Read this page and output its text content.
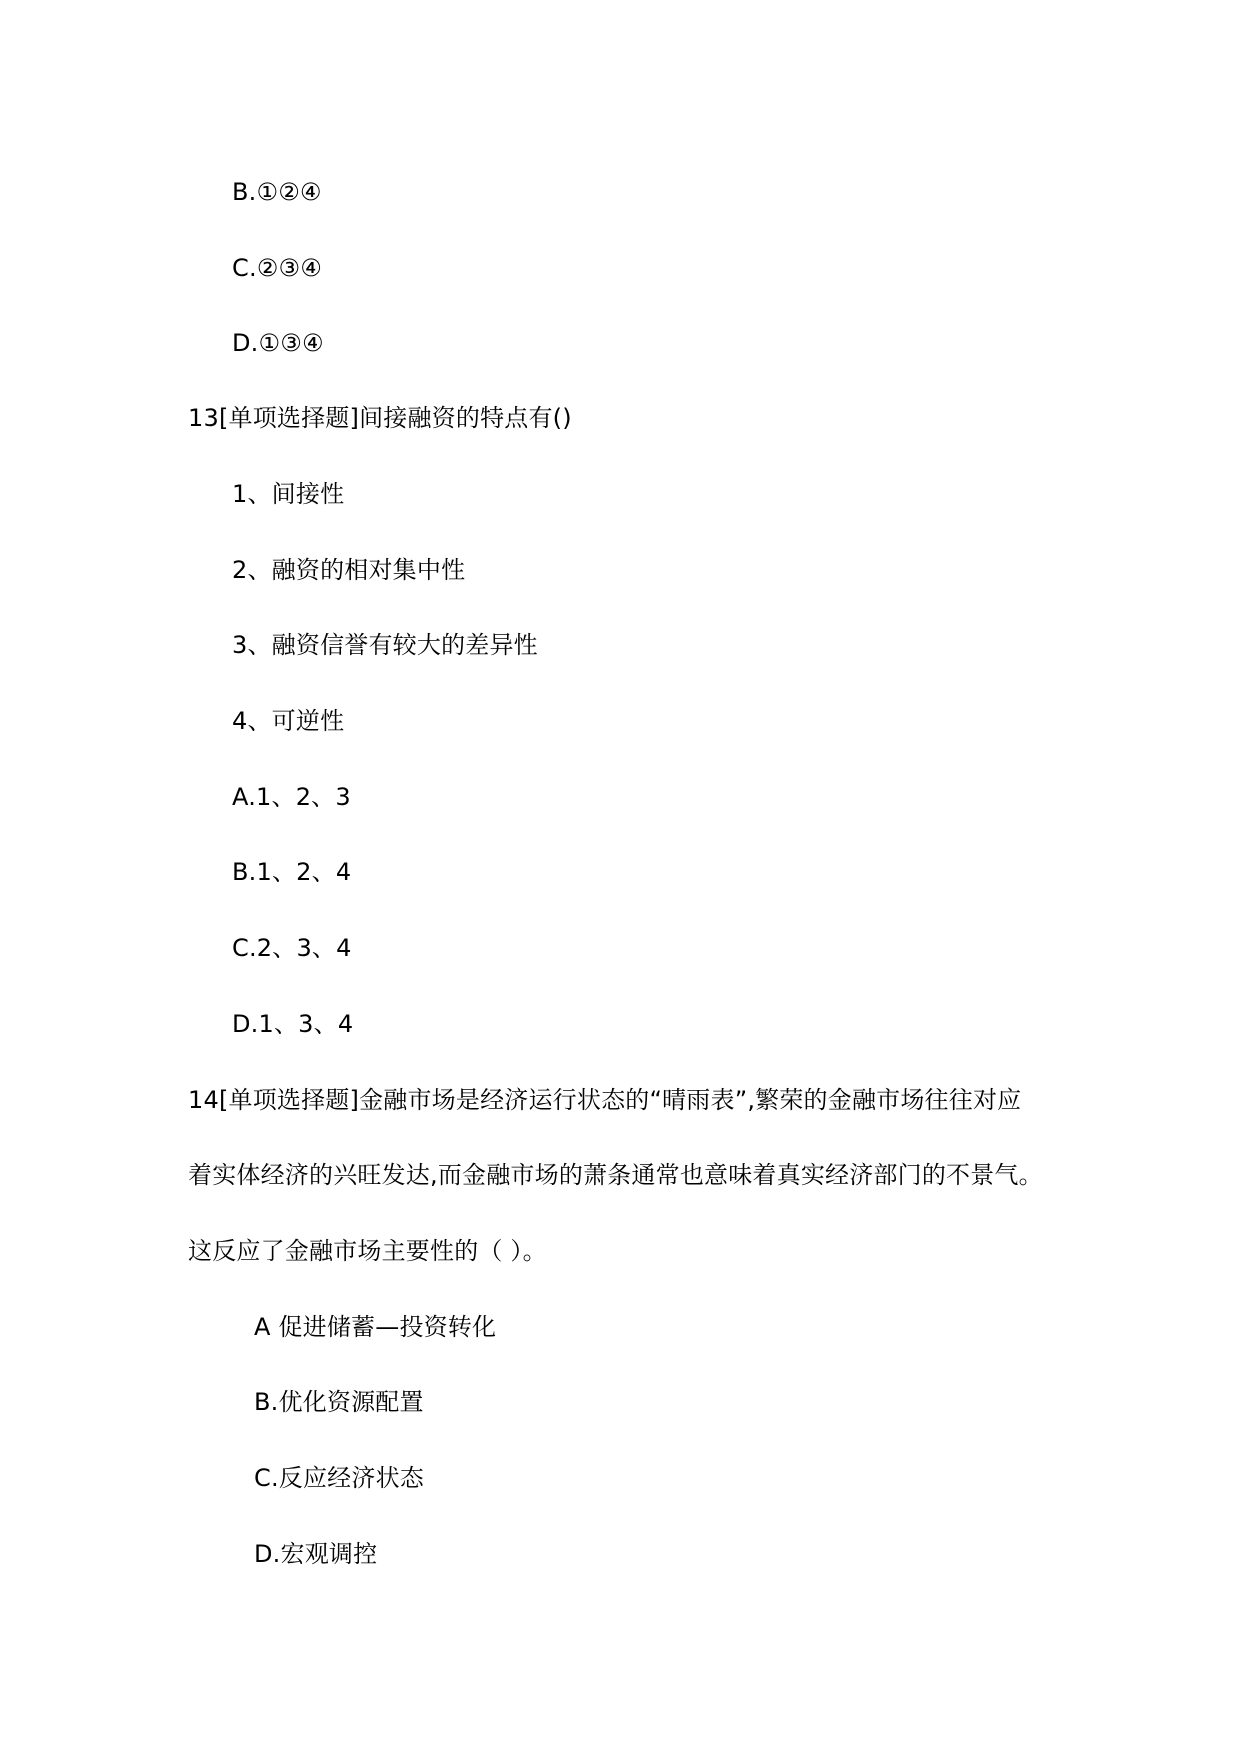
B.①②④
C.②③④
D.①③④
13[单项选择题]间接融资的特点有()
1、间接性
2、融资的相对集中性
3、融资信誉有较大的差异性
4、可逆性
A.1、2、3
B.1、2、4
C.2、3、4
D.1、3、4
14[单项选择题]金融市场是经济运行状态的“晴雨表”,繁荣的金融市场往往对应
着实体经济的兴旺发达,而金融市场的萧条通常也意味着真实经济部门的不景气。
这反应了金融市场主要性的（ ）。
A 促进储蓄—投资转化
B.优化资源配置
C.反应经济状态
D.宏观调控
